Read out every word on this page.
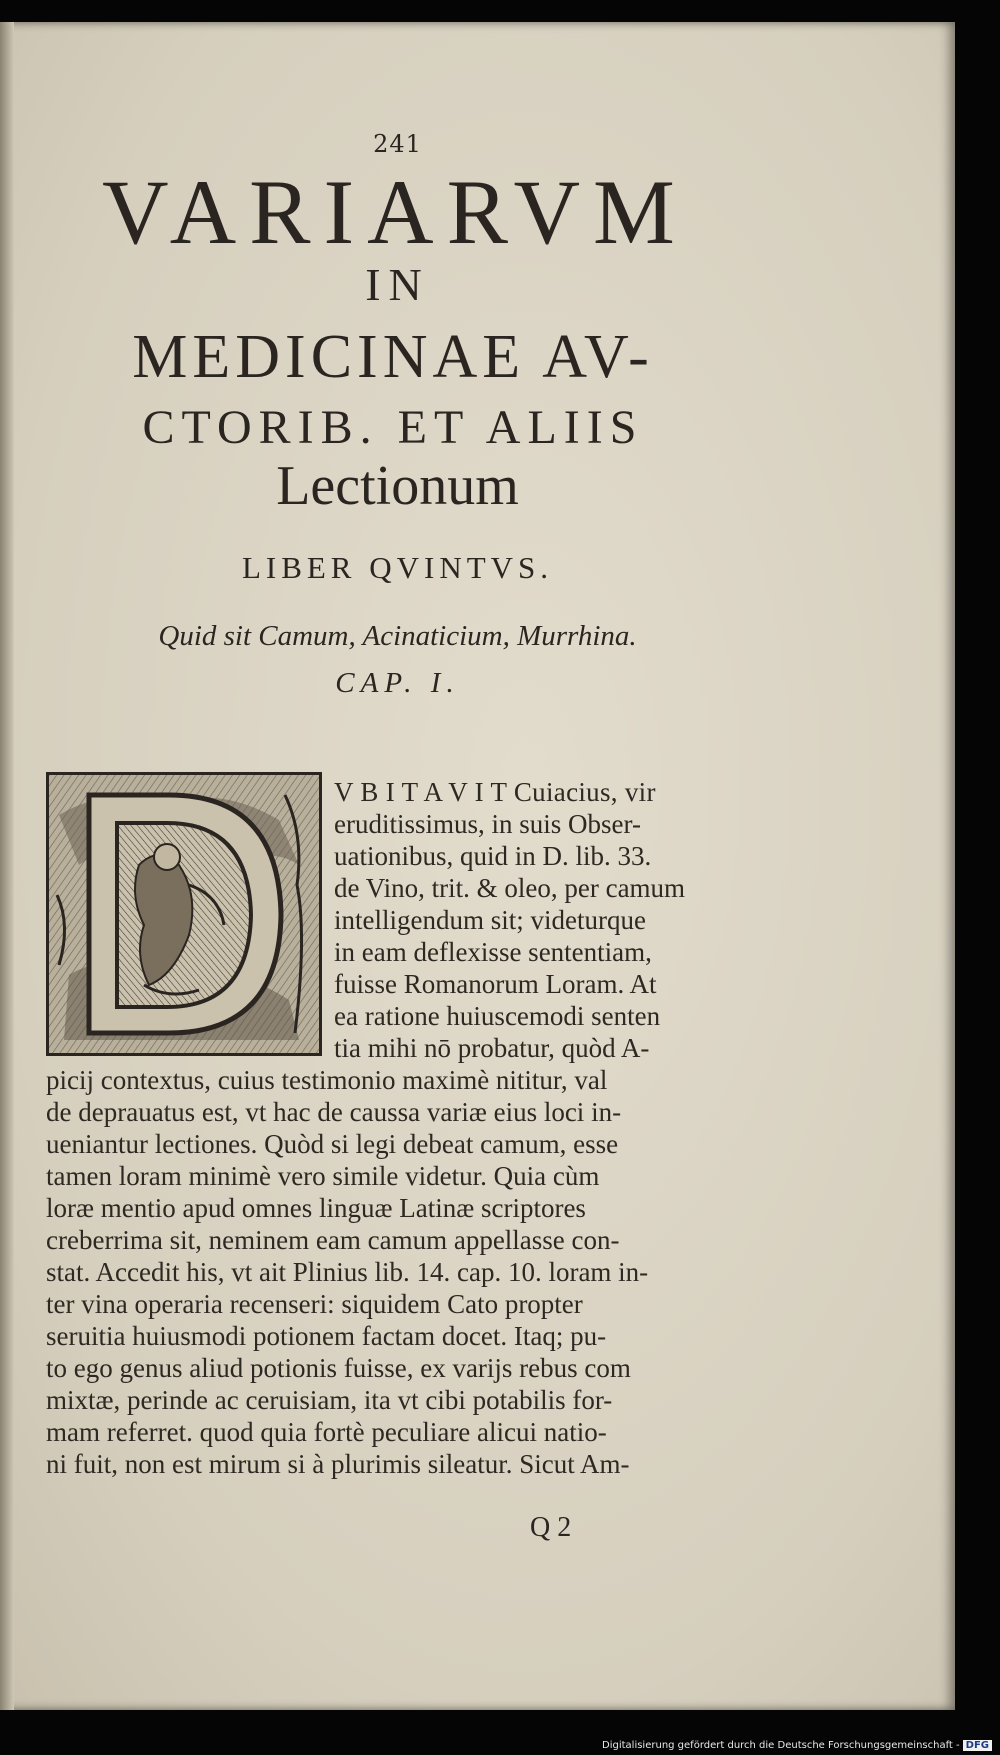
241
VARIARVM
IN
MEDICINAE AV-
CTORIB. ET ALIIS
Lectionum
LIBER QVINTVS.
Quid sit Camum, Acinaticium, Murrhina.
CAP. I.
V B I T A V I T Cuiacius, vir
eruditissimus, in suis Obser-
uationibus, quid in D. lib. 33.
de Vino, trit. & oleo, per camum
intelligendum sit; videturque
in eam deflexisse sententiam,
fuisse Romanorum Loram. At
ea ratione huiuscemodi senten
tia mihi nō probatur, quòd A-
picij contextus, cuius testimonio maximè nititur, val
de deprauatus est, vt hac de caussa variæ eius loci in-
ueniantur lectiones. Quòd si legi debeat camum, esse
tamen loram minimè vero simile videtur. Quia cùm
loræ mentio apud omnes linguæ Latinæ scriptores
creberrima sit, neminem eam camum appellasse con-
stat. Accedit his, vt ait Plinius lib. 14. cap. 10. loram in-
ter vina operaria recenseri: siquidem Cato propter
seruitia huiusmodi potionem factam docet. Itaq; pu-
to ego genus aliud potionis fuisse, ex varijs rebus com
mixtæ, perinde ac ceruisiam, ita vt cibi potabilis for-
mam referret. quod quia fortè peculiare alicui natio-
ni fuit, non est mirum si à plurimis sileatur. Sicut Am-
Q 2
Digitalisierung gefördert durch die Deutsche Forschungsgemeinschaft - DFG
